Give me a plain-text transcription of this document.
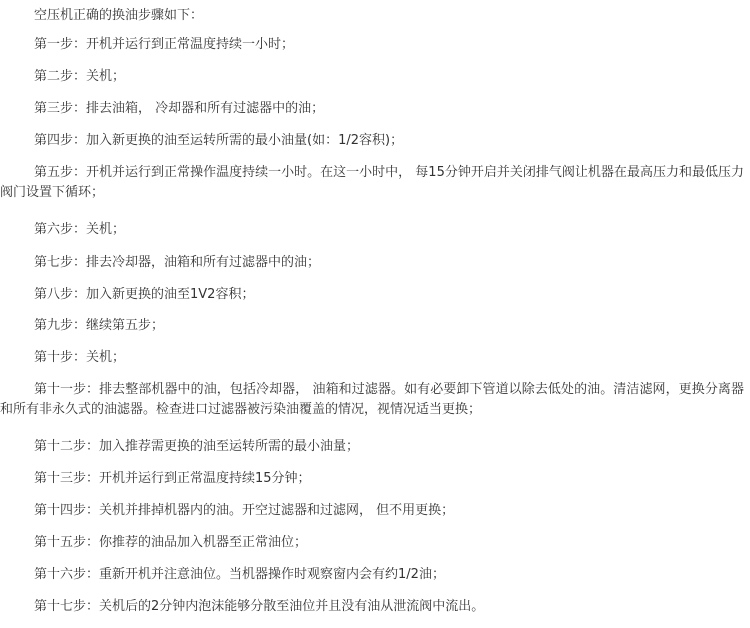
空压机正确的换油步骤如下：
第一步：开机并运行到正常温度持续一小时；
第二步：关机；
第三步：排去油箱， 冷却器和所有过滤器中的油；
第四步：加入新更换的油至运转所需的最小油量(如：1/2容积)；
第五步：开机并运行到正常操作温度持续一小时。在这一小时中， 每15分钟开启并关闭排气阀让机器在最高压力和最低压力阀门设置下循环；
第六步：关机；
第七步：排去冷却器，油箱和所有过滤器中的油；
第八步：加入新更换的油至1V2容积；
第九步：继续第五步；
第十步：关机；
第十一步：排去整部机器中的油，包括冷却器， 油箱和过滤器。如有必要卸下管道以除去低处的油。清洁滤网，更换分离器和所有非永久式的油滤器。检查进口过滤器被污染油覆盖的情况，视情况适当更换；
第十二步：加入推荐需更换的油至运转所需的最小油量；
第十三步：开机并运行到正常温度持续15分钟；
第十四步：关机并排掉机器内的油。开空过滤器和过滤网， 但不用更换；
第十五步：你推荐的油品加入机器至正常油位；
第十六步：重新开机并注意油位。当机器操作时观察窗内会有约1/2油；
第十七步：关机后的2分钟内泡沫能够分散至油位并且没有油从泄流阀中流出。
